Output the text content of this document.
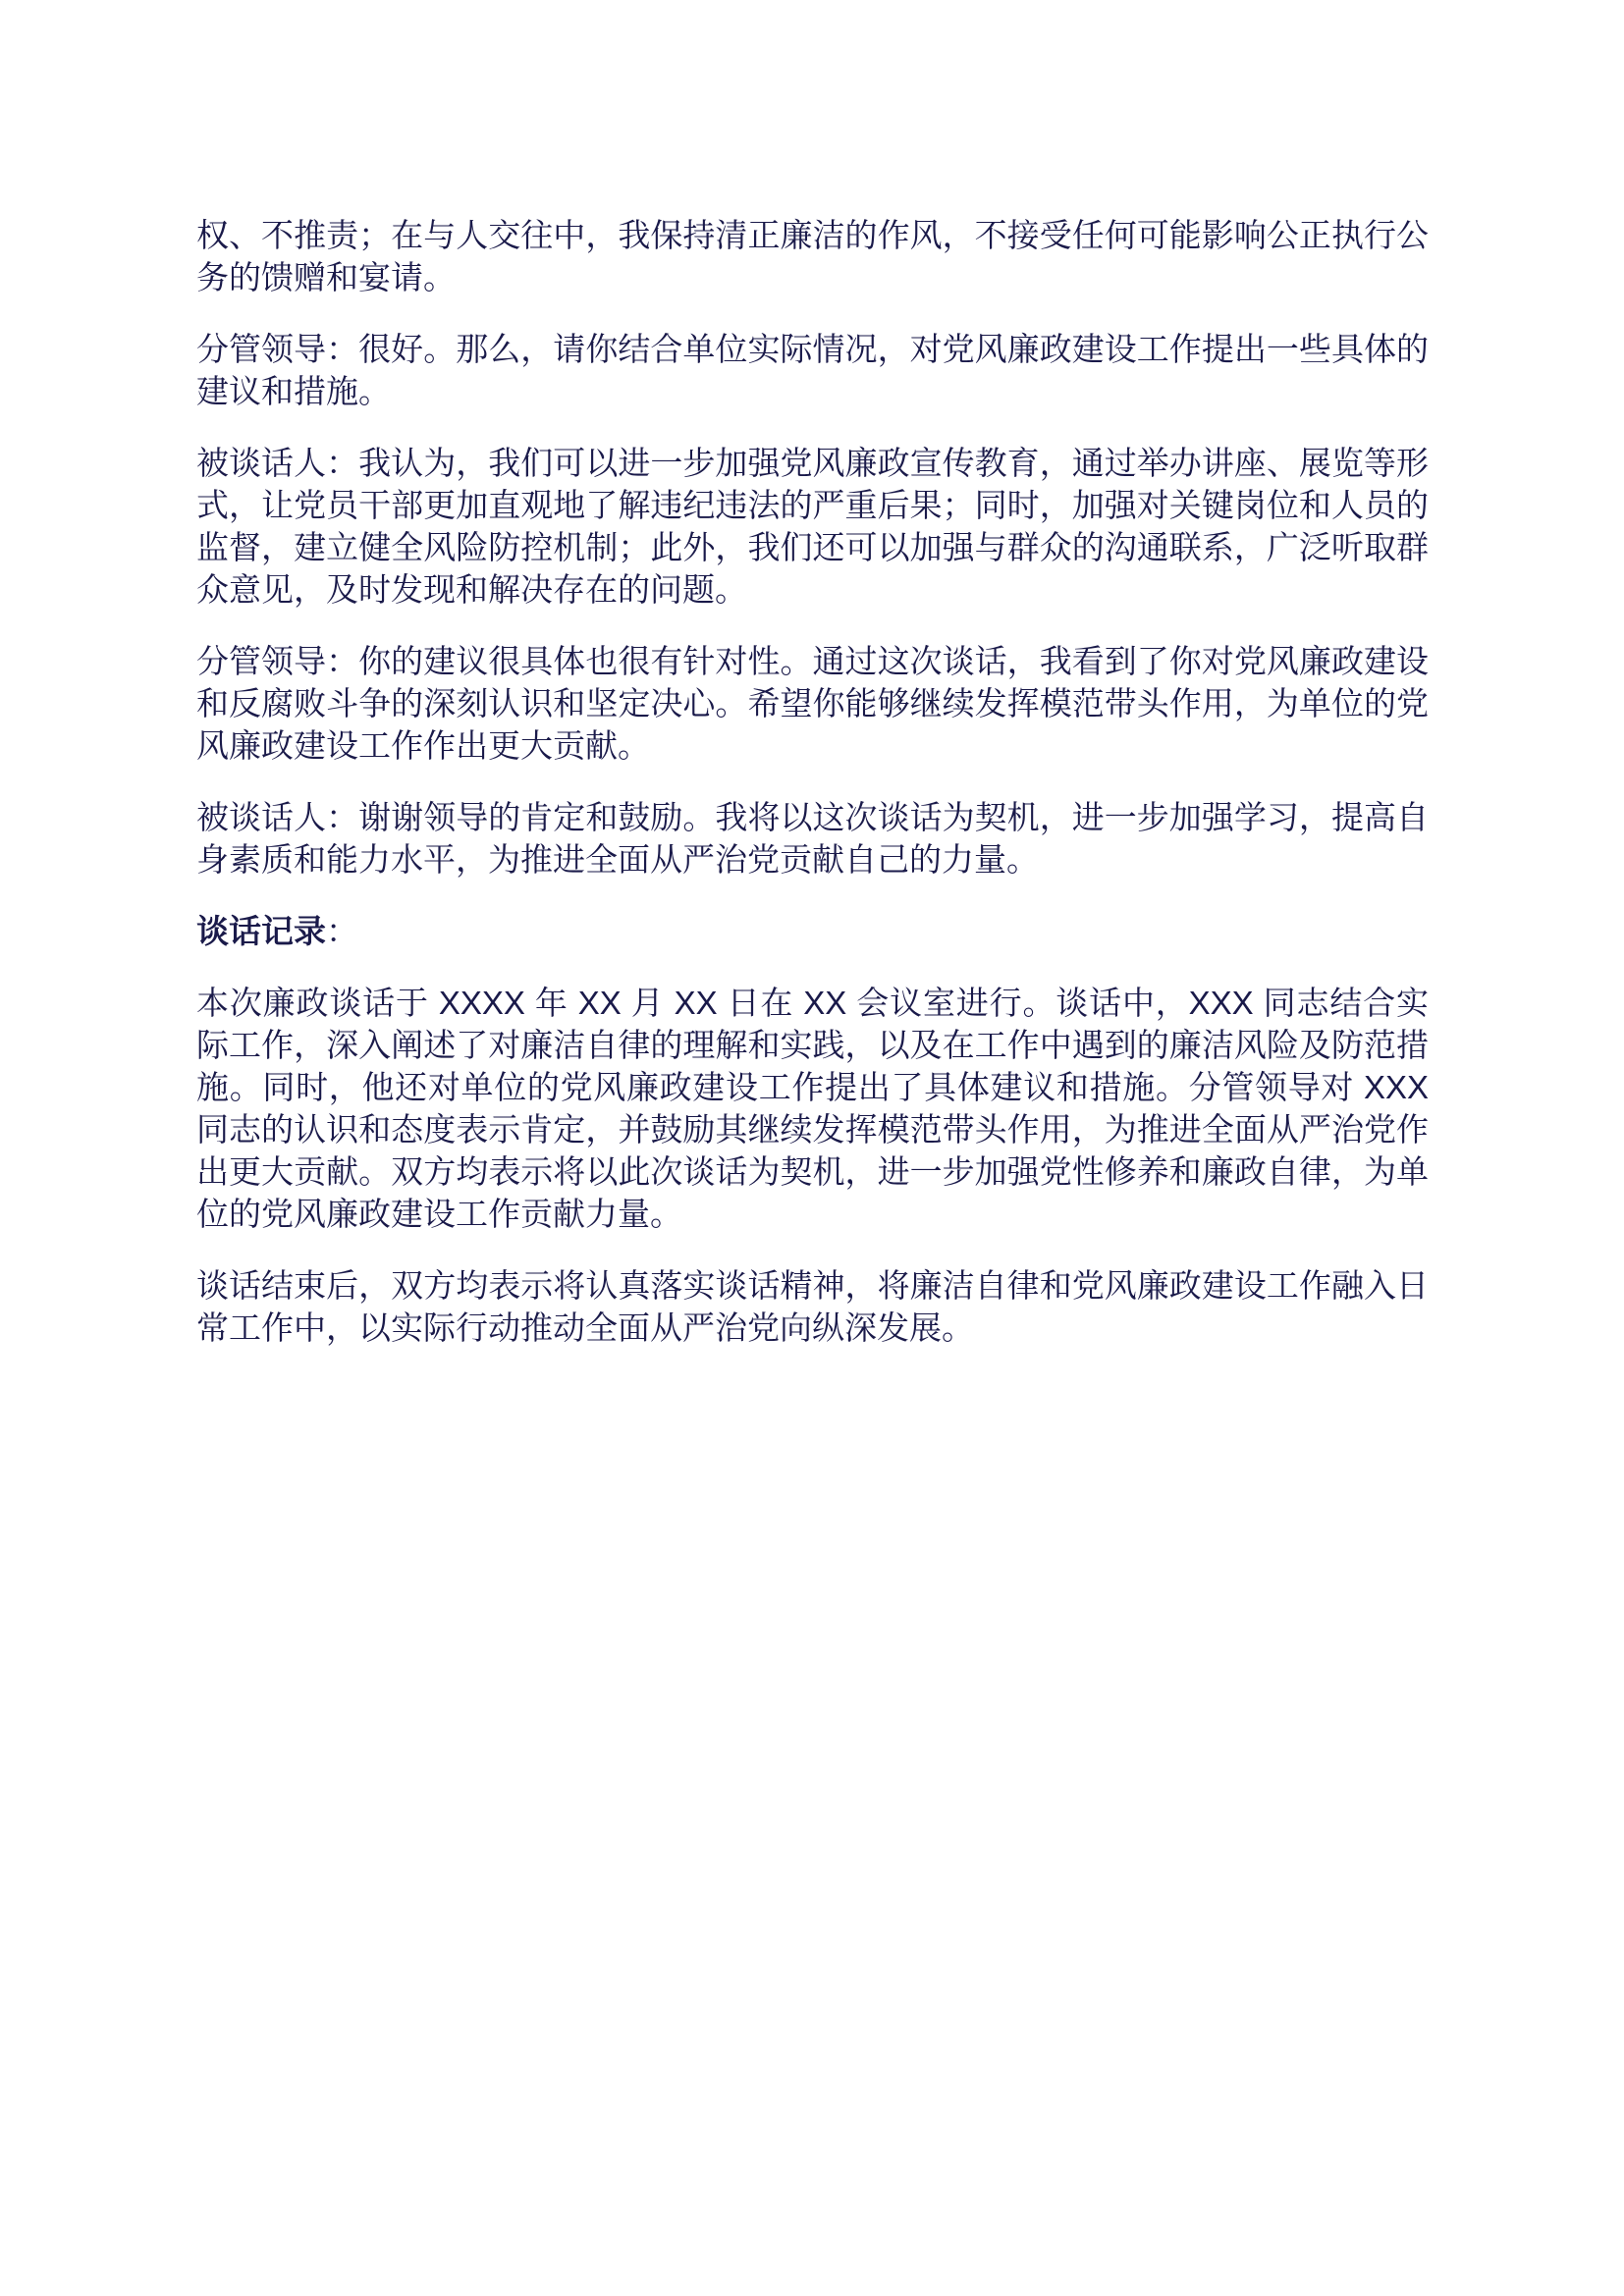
权、不推责；在与人交往中，我保持清正廉洁的作风，不接受任何可能影响公正执行公务的馈赠和宴请。

分管领导：很好。那么，请你结合单位实际情况，对党风廉政建设工作提出一些具体的建议和措施。

被谈话人：我认为，我们可以进一步加强党风廉政宣传教育，通过举办讲座、展览等形式，让党员干部更加直观地了解违纪违法的严重后果；同时，加强对关键岗位和人员的监督，建立健全风险防控机制；此外，我们还可以加强与群众的沟通联系，广泛听取群众意见，及时发现和解决存在的问题。

分管领导：你的建议很具体也很有针对性。通过这次谈话，我看到了你对党风廉政建设和反腐败斗争的深刻认识和坚定决心。希望你能够继续发挥模范带头作用，为单位的党风廉政建设工作作出更大贡献。

被谈话人：谢谢领导的肯定和鼓励。我将以这次谈话为契机，进一步加强学习，提高自身素质和能力水平，为推进全面从严治党贡献自己的力量。

谈话记录：

本次廉政谈话于 XXXX 年 XX 月 XX 日在 XX 会议室进行。谈话中，XXX 同志结合实际工作，深入阐述了对廉洁自律的理解和实践，以及在工作中遇到的廉洁风险及防范措施。同时，他还对单位的党风廉政建设工作提出了具体建议和措施。分管领导对 XXX 同志的认识和态度表示肯定，并鼓励其继续发挥模范带头作用，为推进全面从严治党作出更大贡献。双方均表示将以此次谈话为契机，进一步加强党性修养和廉政自律，为单位的党风廉政建设工作贡献力量。

谈话结束后，双方均表示将认真落实谈话精神，将廉洁自律和党风廉政建设工作融入日常工作中，以实际行动推动全面从严治党向纵深发展。
